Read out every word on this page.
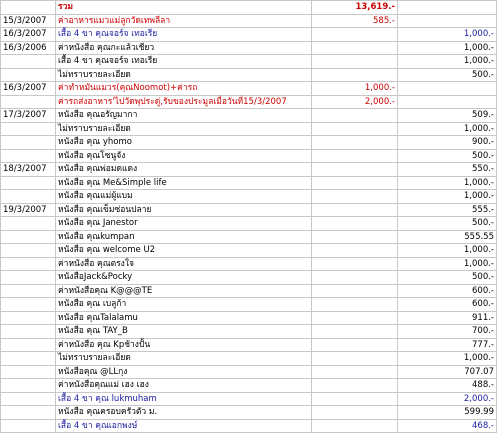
	รวม	13,619.-	
15/3/2007	ค่าอาหารแมวแม่ลูกวัดเทพลีลา	585.-	
16/3/2007	เสื้อ 4 ขา คุณจอร์จ เทอเรีย		1,000.-
16/3/2006	ค่าหนังสือ คุณกะแล้วเชียว		1,000.-
	เสื้อ 4 ขา คุณจอร์จ เทอเรีย		1,000.-
	ไม่ทราบรายละเอียด		500.-
16/3/2007	ค่าทำหมันแมวร(คุณNoomot)+ค่ารถ	1,000.-	
	ค่ารถส่งอาหาร'ไปวัดพุประดู่,รับของประมูลเมื่อวันที่15/3/2007	2,000.-	
17/3/2007	หนังสือ คุณอรัญมากา		509.-
	ไม่ทราบรายละเอียด		1,000.-
	หนังสือ คุณ yhomo		900.-
	หนังสือ คุณโซนูจัง		500.-
18/3/2007	หนังสือ คุณพ่อมดแดง		550.-
	หนังสือ คุณ Me&Simple life		1,000.-
	หนังสือ คุณแม่ผู้แบม		1,000.-
19/3/2007	หนังสือ คุณเข็มซ่อนปลาย		555.-
	หนังสือ คุณ Janestor		500.-
	หนังสือ คุณkumpan		555.55
	หนังสือ คุณ welcome U2		1,000.-
	ค่าหนังสือ คุณตรงใจ		1,000.-
	หนังสือJack&Pocky		500.-
	ค่าหนังสือคุณ K@@@TE		600.-
	หนังสือ คุณ เบลูก้า		600.-
	หนังสือ คุณTalalamu		911.-
	หนังสือ คุณ TAY_B		700.-
	ค่าหนังสือ คุณ Kpช้างปั้น		777.-
	ไม่ทราบรายละเอียด		1,000.-
	หนังสือคุณ @LLกุง		707.07
	ค่าหนังสือคุณแม่ เฮง เฮง		488.-
	เสื้อ 4 ขา คุณ lukmuham		2,000.-
	หนังสือ คุณครอบครัวตัว ม.		599.99
	เสื้อ 4 ขา คุณเอกพงษ์		468.-
